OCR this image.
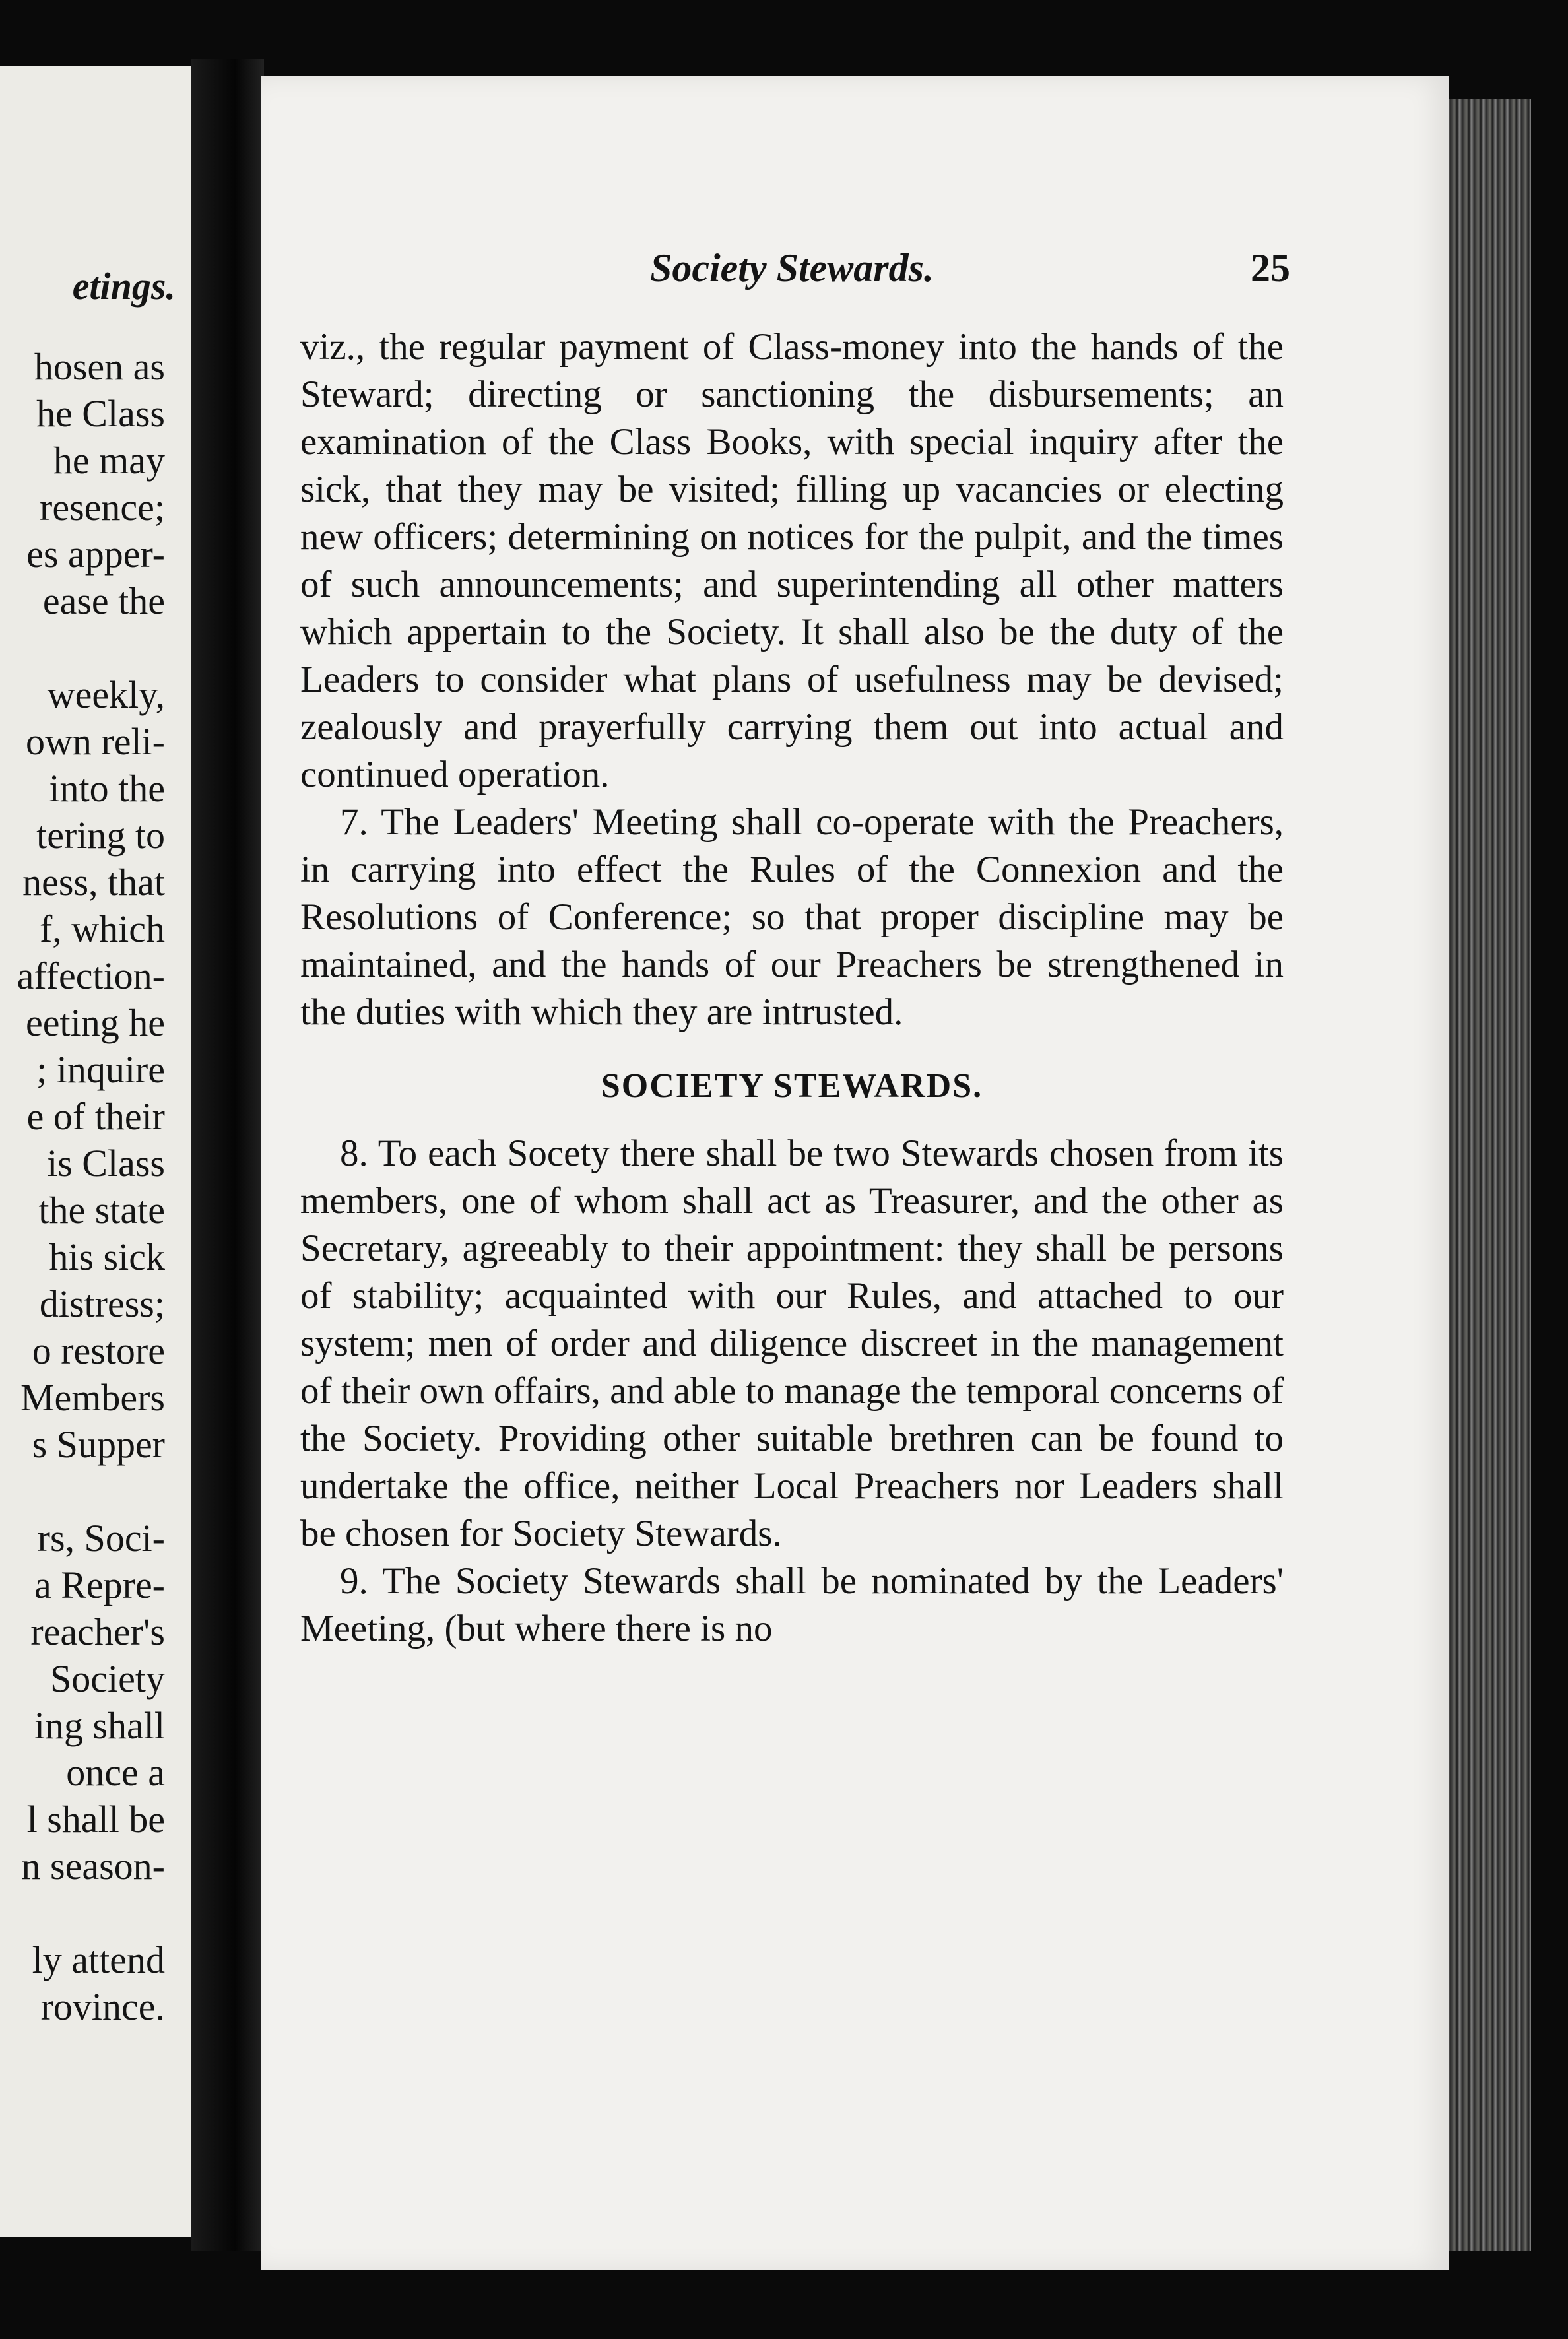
etings.
hosen as
he Class
he may
resence;
es apper-
ease the
weekly,
own reli-
into the
tering to
ness, that
f, which
affection-
eeting he
; inquire
e of their
is Class
the state
his sick
distress;
o restore
Members
s Supper
rs, Soci-
a Repre-
reacher's
Society
ing shall
once a
l shall be
n season-
ly attend
rovince.
Society Stewards.	25

viz., the regular payment of Class-money into the hands of the Steward; directing or sanctioning the disbursements; an examination of the Class Books, with special inquiry after the sick, that they may be visited; filling up vacancies or electing new officers; determining on notices for the pulpit, and the times of such announcements; and superintending all other matters which appertain to the Society. It shall also be the duty of the Leaders to consider what plans of usefulness may be devised; zealously and prayerfully carrying them out into actual and continued operation.

7. The Leaders' Meeting shall co-operate with the Preachers, in carrying into effect the Rules of the Connexion and the Resolutions of Conference; so that proper discipline may be maintained, and the hands of our Preachers be strengthened in the duties with which they are intrusted.

SOCIETY STEWARDS.

8. To each Socety there shall be two Stewards chosen from its members, one of whom shall act as Treasurer, and the other as Secretary, agreeably to their appointment: they shall be persons of stability; acquainted with our Rules, and attached to our system; men of order and diligence discreet in the management of their own offairs, and able to manage the temporal concerns of the Society. Providing other suitable brethren can be found to undertake the office, neither Local Preachers nor Leaders shall be chosen for Society Stewards.

9. The Society Stewards shall be nominated by the Leaders' Meeting, (but where there is no
